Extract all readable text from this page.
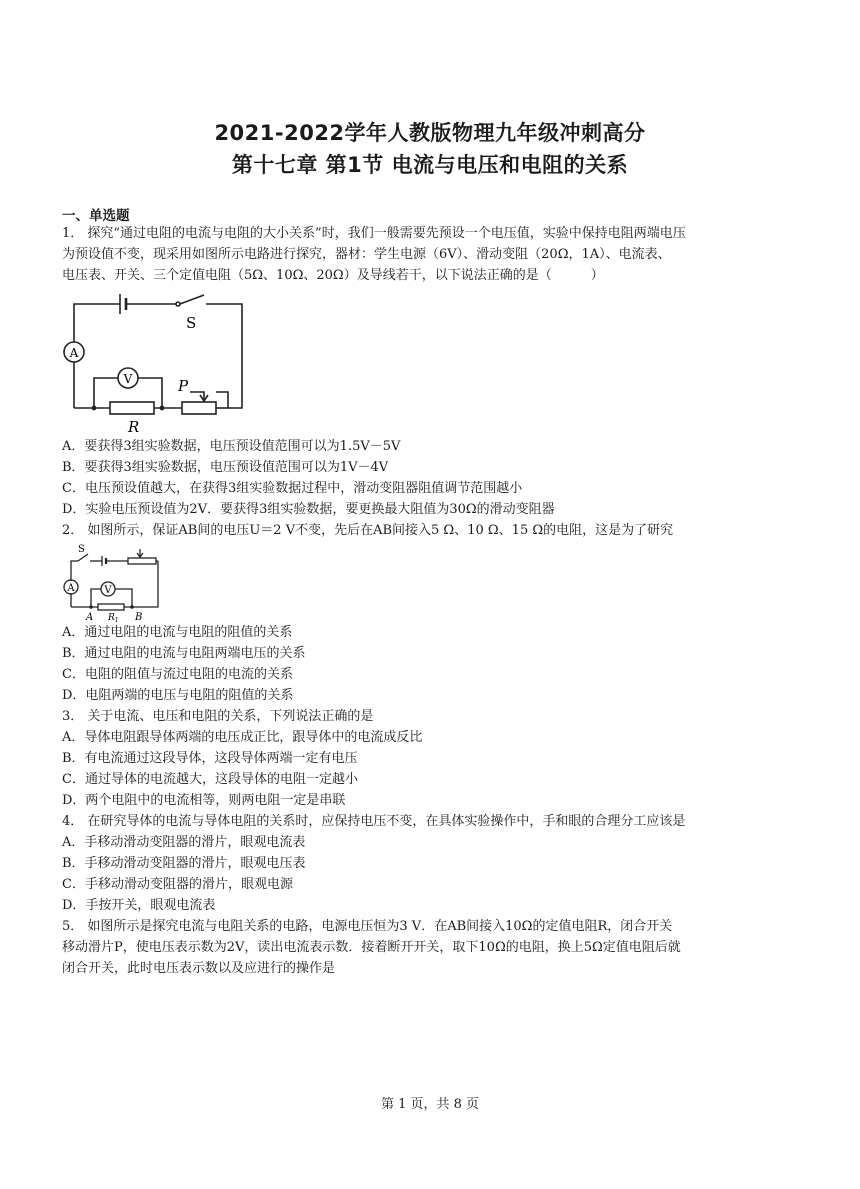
2021-2022学年人教版物理九年级冲刺高分
第十七章 第1节 电流与电压和电阻的关系
一、单选题
1． 探究“通过电阻的电流与电阻的大小关系”时，我们一般需要先预设一个电压值，实验中保持电阻两端电压
为预设值不变，现采用如图所示电路进行探究，器材：学生电源（6V）、滑动变阻（20Ω，1A）、电流表、
电压表、开关、三个定值电阻（5Ω、10Ω、20Ω）及导线若干，以下说法正确的是（　　　）
A
V
S
P
R
A．要获得3组实验数据，电压预设值范围可以为1.5V－5V
B．要获得3组实验数据，电压预设值范围可以为1V－4V
C．电压预设值越大，在获得3组实验数据过程中，滑动变阻器阻值调节范围越小
D．实验电压预设值为2V．要获得3组实验数据，要更换最大阻值为30Ω的滑动变阻器
2． 如图所示，保证AB间的电压U＝2 V不变，先后在AB间接入5 Ω、10 Ω、15 Ω的电阻，这是为了研究
S
A	V
A $R_1$ B
A．通过电阻的电流与电阻的阻值的关系
B．通过电阻的电流与电阻两端电压的关系
C．电阻的阻值与流过电阻的电流的关系
D．电阻两端的电压与电阻的阻值的关系
3． 关于电流、电压和电阻的关系，下列说法正确的是
A．导体电阻跟导体两端的电压成正比，跟导体中的电流成反比
B．有电流通过这段导体，这段导体两端一定有电压
C．通过导体的电流越大，这段导体的电阻一定越小
D．两个电阻中的电流相等，则两电阻一定是串联
4． 在研究导体的电流与导体电阻的关系时，应保持电压不变，在具体实验操作中，手和眼的合理分工应该是
A．手移动滑动变阻器的滑片，眼观电流表
B．手移动滑动变阻器的滑片，眼观电压表
C．手移动滑动变阻器的滑片，眼观电源
D．手按开关，眼观电流表
5． 如图所示是探究电流与电阻关系的电路，电源电压恒为3 V．在AB间接入10Ω的定值电阻R，闭合开关
移动滑片P，使电压表示数为2V，读出电流表示数．接着断开开关，取下10Ω的电阻，换上5Ω定值电阻后就
闭合开关，此时电压表示数以及应进行的操作是
第 1 页，共 8 页
